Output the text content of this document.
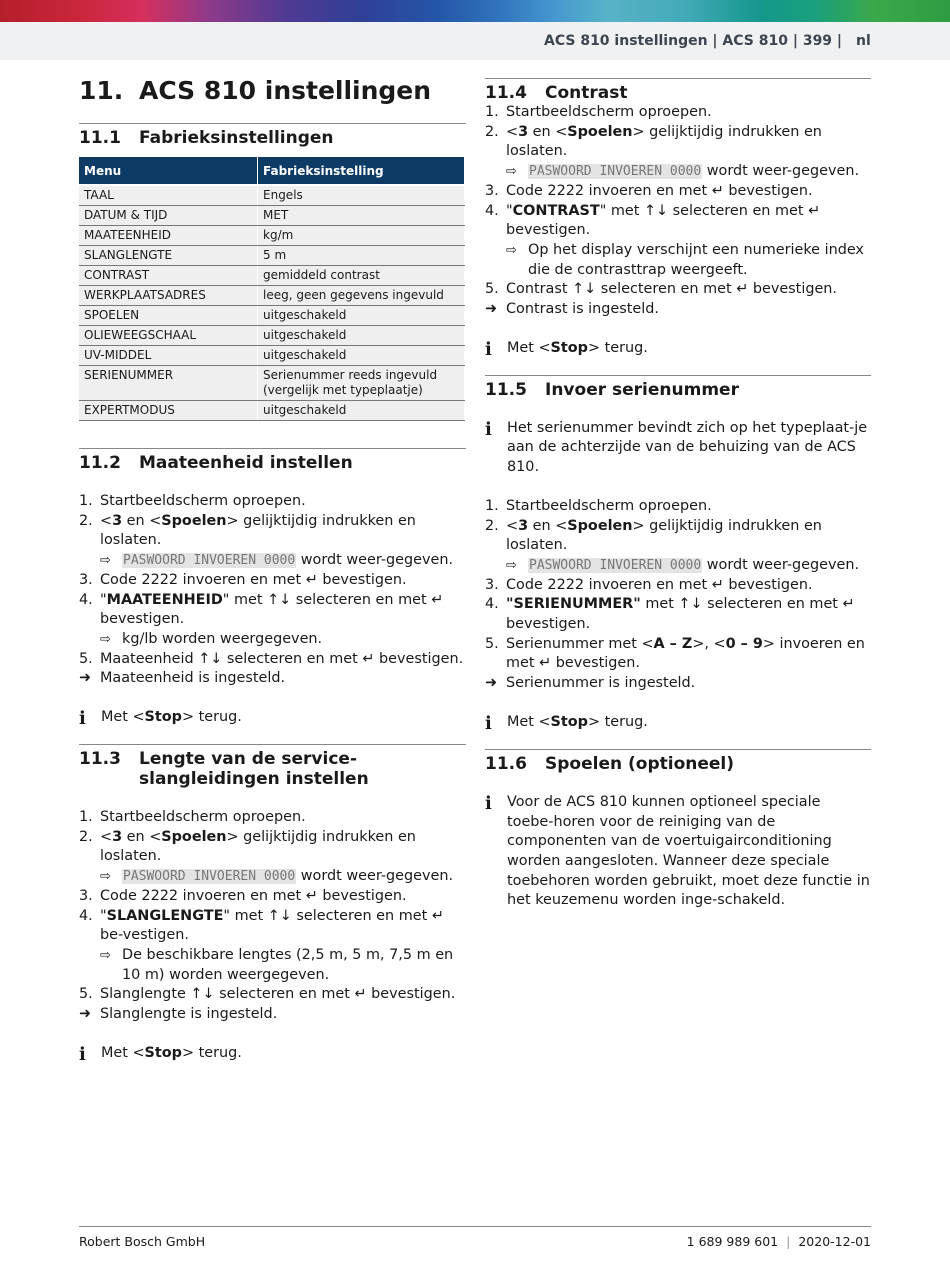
ACS 810 instellingen | ACS 810 | 399 | nl
11. ACS 810 instellingen
11.1	Fabrieksinstellingen
Menu	Fabrieksinstelling
TAAL	Engels
DATUM & TIJD	MET
MAATEENHEID	kg/m
SLANGLENGTE	5 m
CONTRAST	gemiddeld contrast
WERKPLAATSADRES	leeg, geen gegevens ingevuld
SPOELEN	uitgeschakeld
OLIEWEEGSCHAAL	uitgeschakeld
UV-MIDDEL	uitgeschakeld
SERIENUMMER	Serienummer reeds ingevuld (vergelijk met typeplaatje)
EXPERTMODUS	uitgeschakeld
11.2	Maateenheid instellen
1. Startbeeldscherm oproepen.
2. <3 en <Spoelen> gelijktijdig indrukken en loslaten.
⇨ PASWOORD INVOEREN 0000 wordt weer-gegeven.
3. Code 2222 invoeren en met ↵ bevestigen.
4. "MAATEENHEID" met ↑↓ selecteren en met ↵ bevestigen.
⇨ kg/lb worden weergegeven.
5. Maateenheid ↑↓ selecteren en met ↵ bevestigen.
➜ Maateenheid is ingesteld.
ℹ	Met <Stop> terug.
11.3	Lengte van de service-slangleidingen instellen
1. Startbeeldscherm oproepen.
2. <3 en <Spoelen> gelijktijdig indrukken en loslaten.
⇨ PASWOORD INVOEREN 0000 wordt weer-gegeven.
3. Code 2222 invoeren en met ↵ bevestigen.
4. "SLANGLENGTE" met ↑↓ selecteren en met ↵ be-vestigen.
⇨ De beschikbare lengtes (2,5 m, 5 m, 7,5 m en 10 m) worden weergegeven.
5. Slanglengte ↑↓ selecteren en met ↵ bevestigen.
➜ Slanglengte is ingesteld.
ℹ	Met <Stop> terug.
11.4	Contrast
1. Startbeeldscherm oproepen.
2. <3 en <Spoelen> gelijktijdig indrukken en loslaten.
⇨ PASWOORD INVOEREN 0000 wordt weer-gegeven.
3. Code 2222 invoeren en met ↵ bevestigen.
4. "CONTRAST" met ↑↓ selecteren en met ↵ bevestigen.
⇨ Op het display verschijnt een numerieke index die de contrasttrap weergeeft.
5. Contrast ↑↓ selecteren en met ↵ bevestigen.
➜ Contrast is ingesteld.
ℹ	Met <Stop> terug.
11.5	Invoer serienummer
ℹ	Het serienummer bevindt zich op het typeplaat-je aan de achterzijde van de behuizing van de ACS 810.
1. Startbeeldscherm oproepen.
2. <3 en <Spoelen> gelijktijdig indrukken en loslaten.
⇨ PASWOORD INVOEREN 0000 wordt weer-gegeven.
3. Code 2222 invoeren en met ↵ bevestigen.
4. "SERIENUMMER" met ↑↓ selecteren en met ↵ bevestigen.
5. Serienummer met <A – Z>, <0 – 9> invoeren en met ↵ bevestigen.
➜ Serienummer is ingesteld.
ℹ	Met <Stop> terug.
11.6	Spoelen (optioneel)
ℹ	Voor de ACS 810 kunnen optioneel speciale toebe-horen voor de reiniging van de componenten van de voertuigairconditioning worden aangesloten. Wanneer deze speciale toebehoren worden gebruikt, moet deze functie in het keuzemenu worden inge-schakeld.
Robert Bosch GmbH	1 689 989 601 | 2020-12-01
